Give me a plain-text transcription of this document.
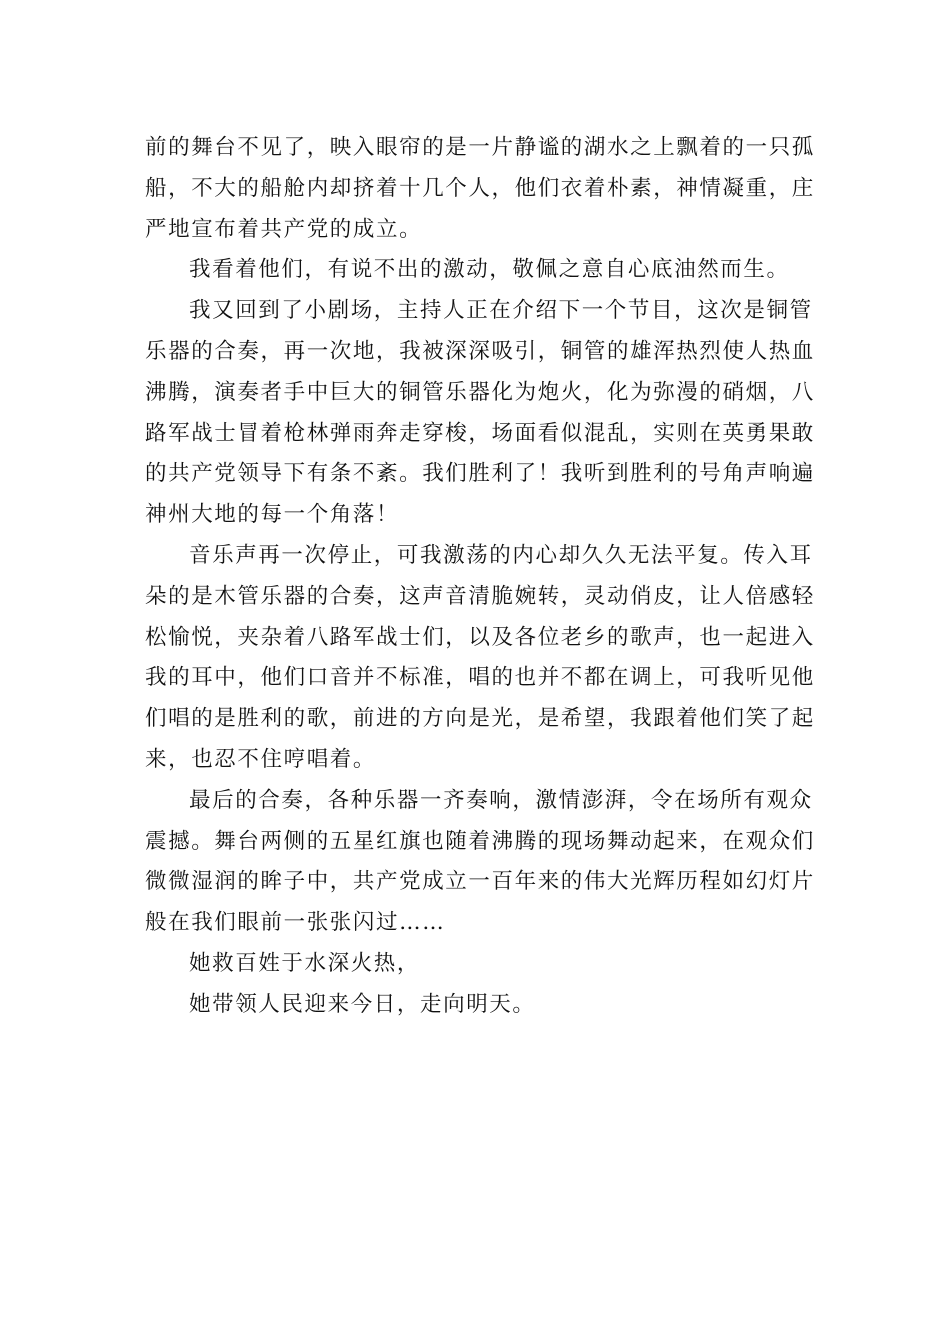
前的舞台不见了，映入眼帘的是一片静谧的湖水之上飘着的一只孤
船，不大的船舱内却挤着十几个人，他们衣着朴素，神情凝重，庄
严地宣布着共产党的成立。

我看着他们，有说不出的激动，敬佩之意自心底油然而生。

我又回到了小剧场，主持人正在介绍下一个节目，这次是铜管
乐器的合奏，再一次地，我被深深吸引，铜管的雄浑热烈使人热血
沸腾，演奏者手中巨大的铜管乐器化为炮火，化为弥漫的硝烟，八
路军战士冒着枪林弹雨奔走穿梭，场面看似混乱，实则在英勇果敢
的共产党领导下有条不紊。我们胜利了！我听到胜利的号角声响遍
神州大地的每一个角落！

音乐声再一次停止，可我激荡的内心却久久无法平复。传入耳
朵的是木管乐器的合奏，这声音清脆婉转，灵动俏皮，让人倍感轻
松愉悦，夹杂着八路军战士们，以及各位老乡的歌声，也一起进入
我的耳中，他们口音并不标准，唱的也并不都在调上，可我听见他
们唱的是胜利的歌，前进的方向是光，是希望，我跟着他们笑了起
来，也忍不住哼唱着。

最后的合奏，各种乐器一齐奏响，激情澎湃，令在场所有观众
震撼。舞台两侧的五星红旗也随着沸腾的现场舞动起来，在观众们
微微湿润的眸子中，共产党成立一百年来的伟大光辉历程如幻灯片
般在我们眼前一张张闪过……

她救百姓于水深火热，

她带领人民迎来今日，走向明天。
